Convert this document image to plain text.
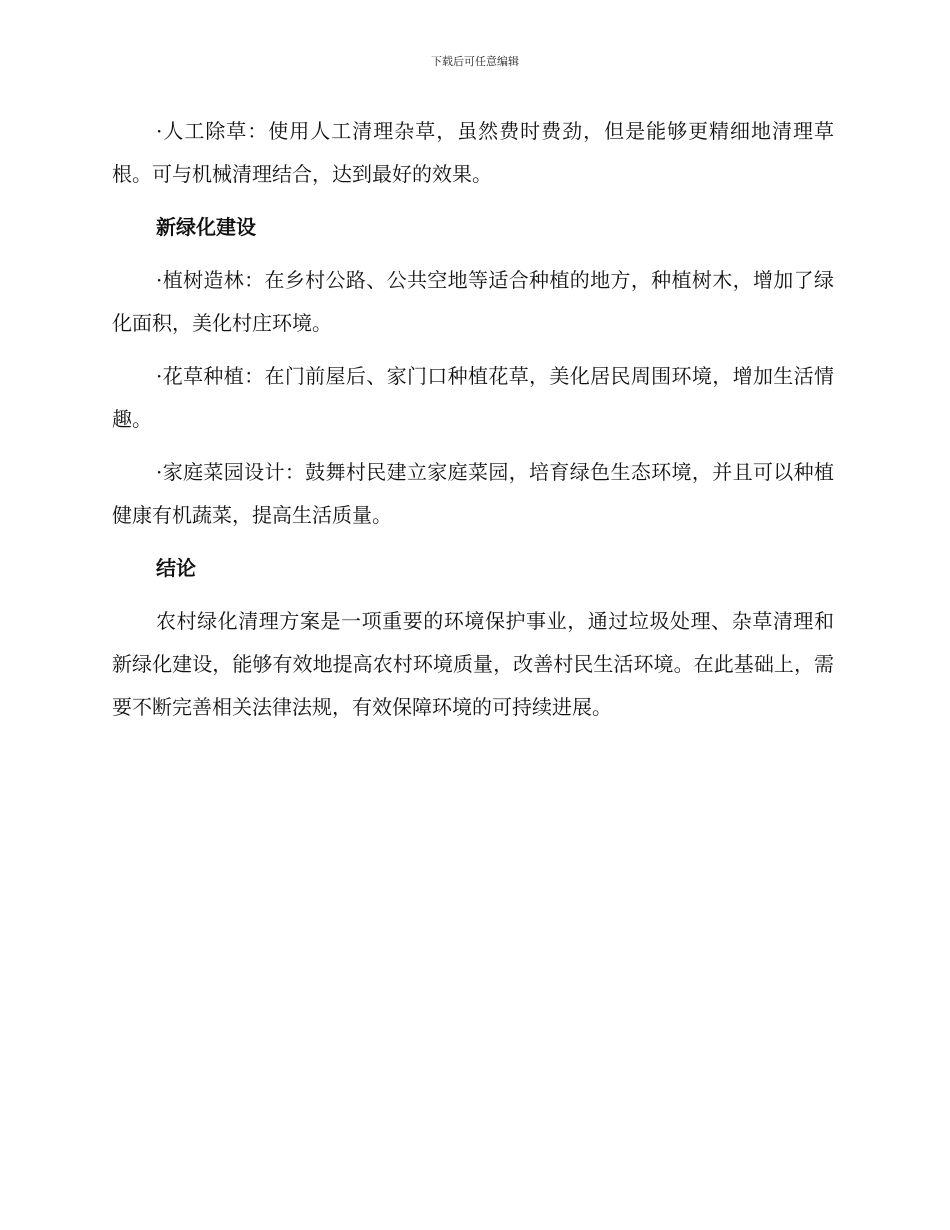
下载后可任意编辑

·人工除草：使用人工清理杂草，虽然费时费劲，但是能够更精细地清理草根。可与机械清理结合，达到最好的效果。

新绿化建设

·植树造林：在乡村公路、公共空地等适合种植的地方，种植树木，增加了绿化面积，美化村庄环境。

·花草种植：在门前屋后、家门口种植花草，美化居民周围环境，增加生活情趣。

·家庭菜园设计：鼓舞村民建立家庭菜园，培育绿色生态环境，并且可以种植健康有机蔬菜，提高生活质量。

结论

农村绿化清理方案是一项重要的环境保护事业，通过垃圾处理、杂草清理和新绿化建设，能够有效地提高农村环境质量，改善村民生活环境。在此基础上，需要不断完善相关法律法规，有效保障环境的可持续进展。
